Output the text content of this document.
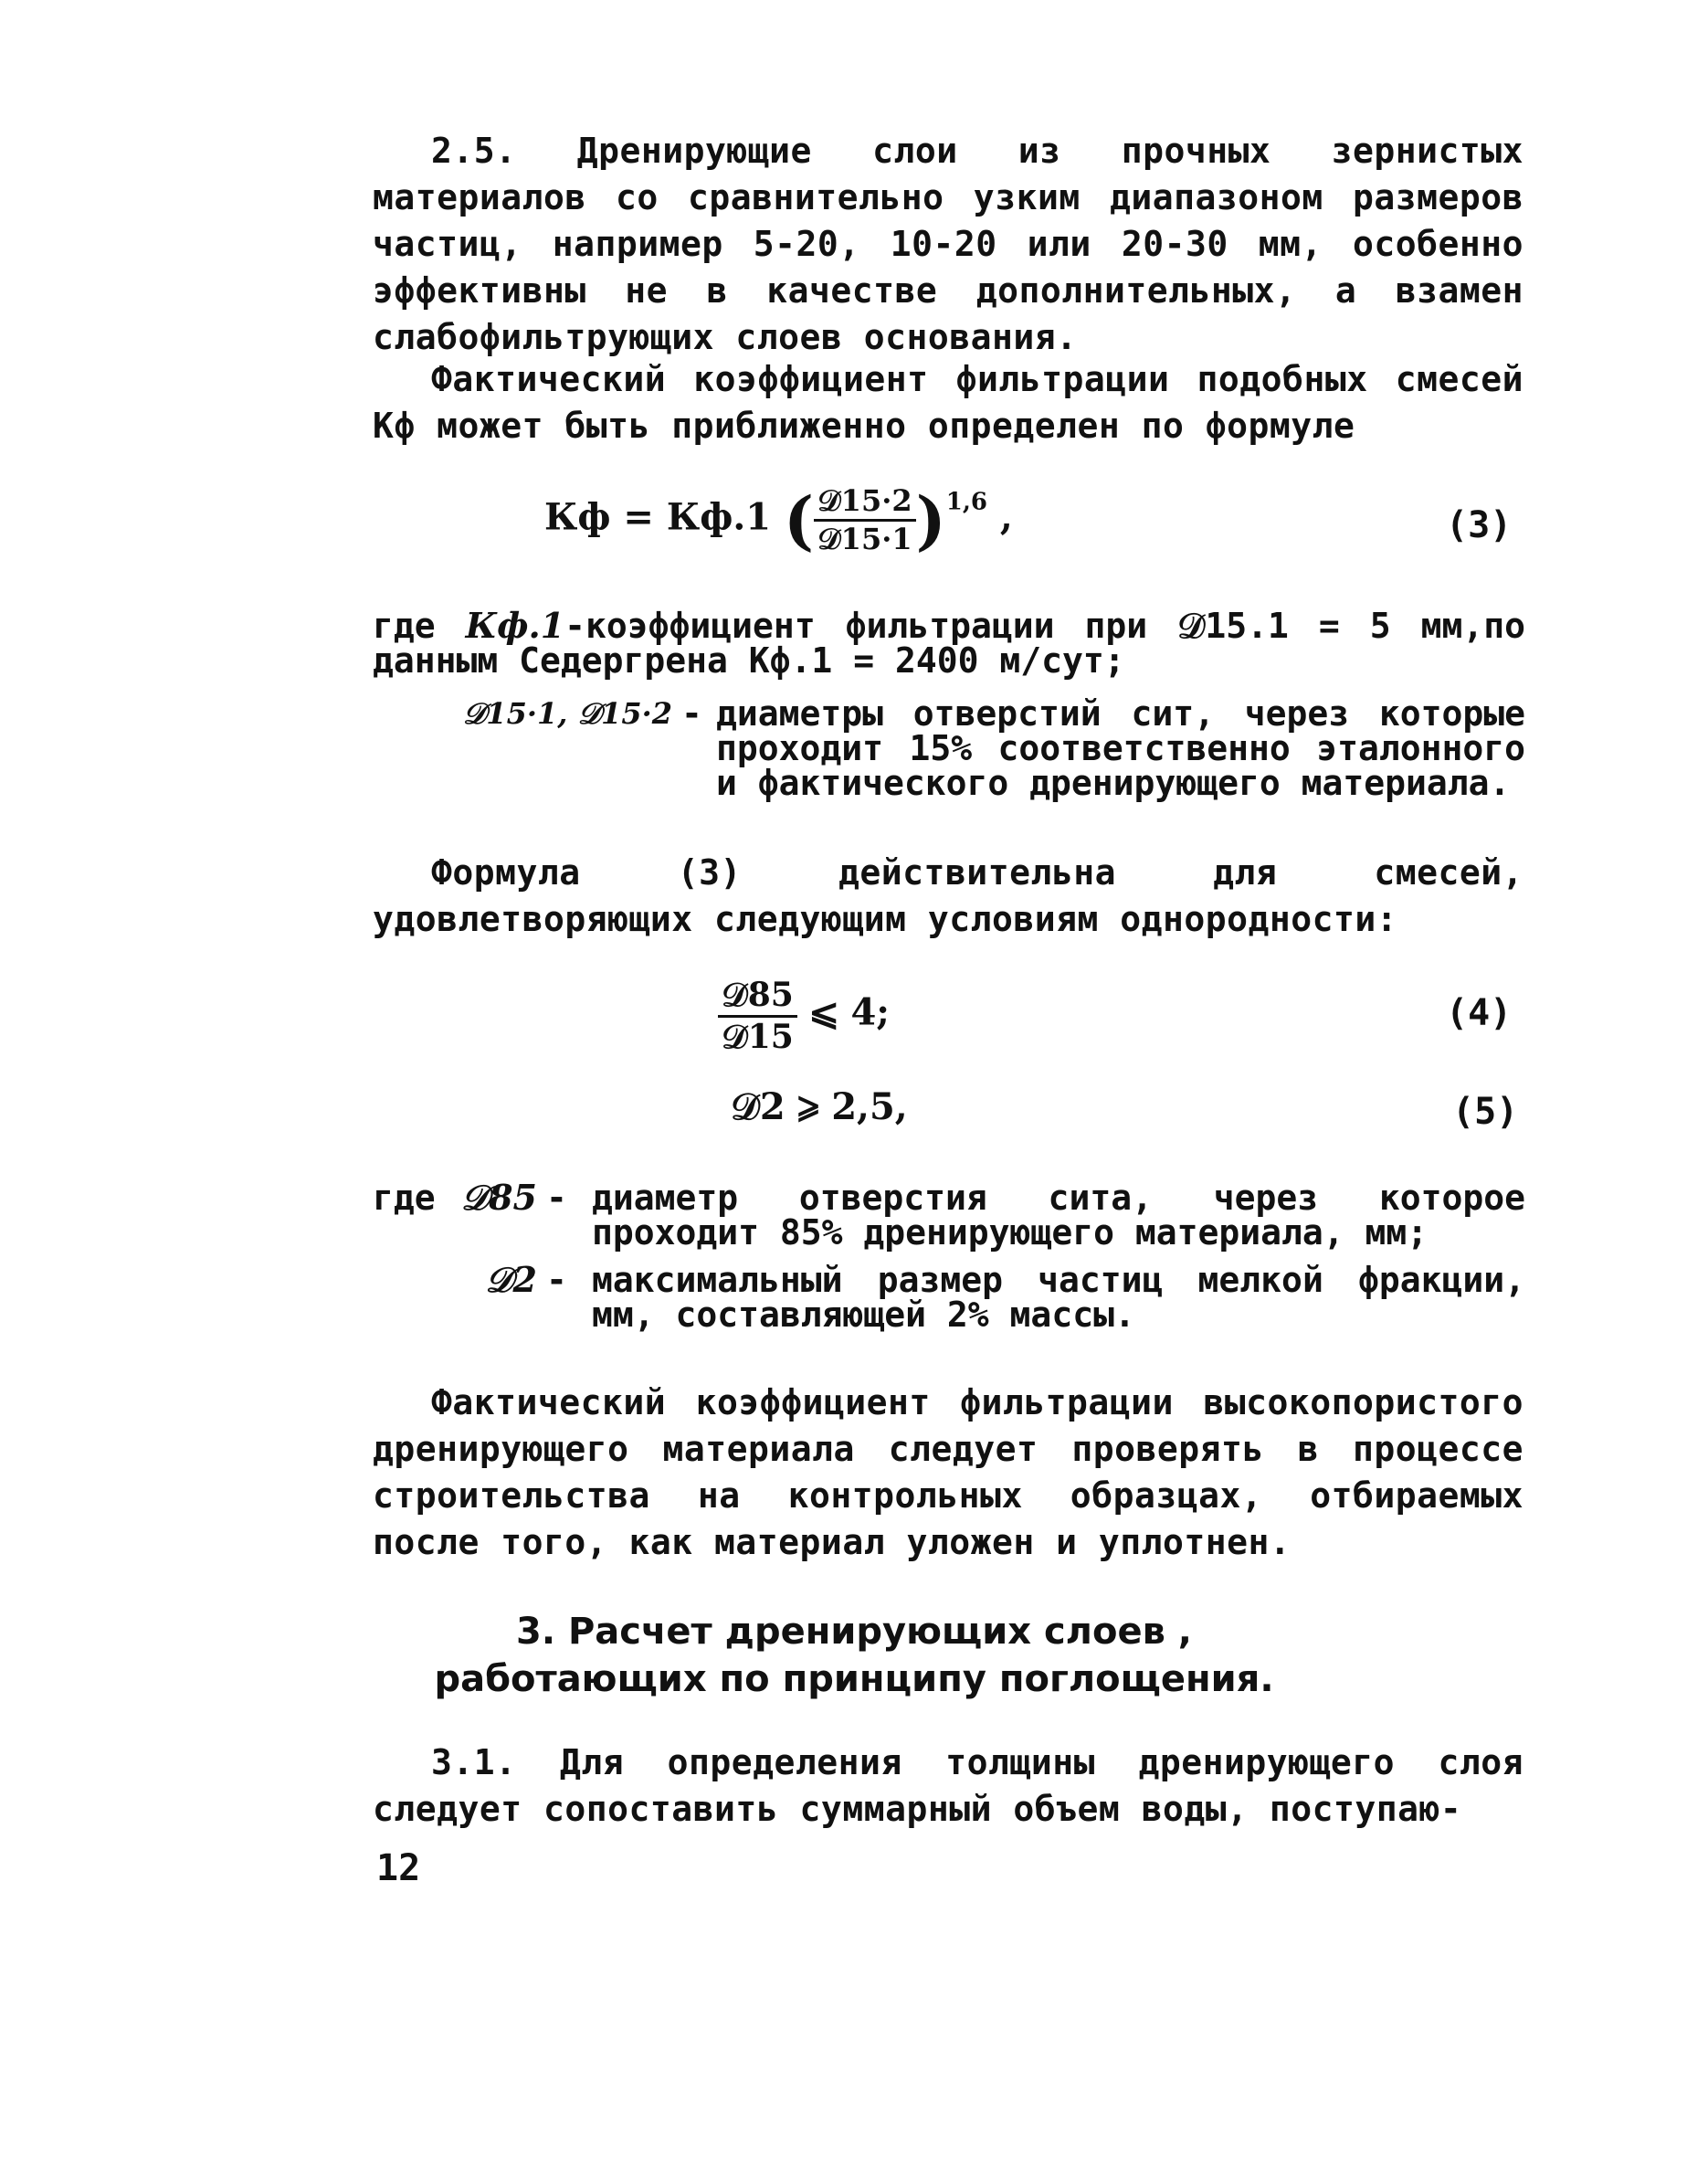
2.5. Дренирующие слои из прочных зернистых материалов со сравнительно узким диапазоном размеров частиц, например 5-20, 10-20 или 20-30 мм, особенно эффективны не в качестве дополнительных, а взамен слабофильтрующих слоев основания.

Фактический коэффициент фильтрации подобных смесей Кф может быть приближенно определен по формуле

Кф = Кф.1 ( $\frac{\text{𝒟15·2}}{\text{𝒟15·1}} )^{1,6}$ ,	(3)
где Кф.1-коэффициент фильтрации при 𝒟15.1 = 5 мм,по данным Седергрена Кф.1 = 2400 м/сут;
𝒟15·1, 𝒟15·2 - диаметры отверстий сит, через которые проходит 15% соответственно эталонного и фактического дренирующего материала.

Формула (3) действительна для смесей, удовлетворяющих следующим условиям однородности:

$\frac{\text{𝒟85}}{\text{𝒟15}}$ ⩽ 4;	(4)
𝒟2 ⩾ 2,5,	(5)
где 𝒟85 - диаметр отверстия сита, через которое проходит 85% дренирующего материала, мм;
𝒟2 - максимальный размер частиц мелкой фракции, мм, составляющей 2% массы.

Фактический коэффициент фильтрации высокопористого дренирующего материала следует проверять в процессе строительства на контрольных образцах, отбираемых после того, как материал уложен и уплотнен.

3. Расчет дренирующих слоев ,
работающих по принципу поглощения.

3.1. Для определения толщины дренирующего слоя следует сопоставить суммарный объем воды, поступаю-

12
